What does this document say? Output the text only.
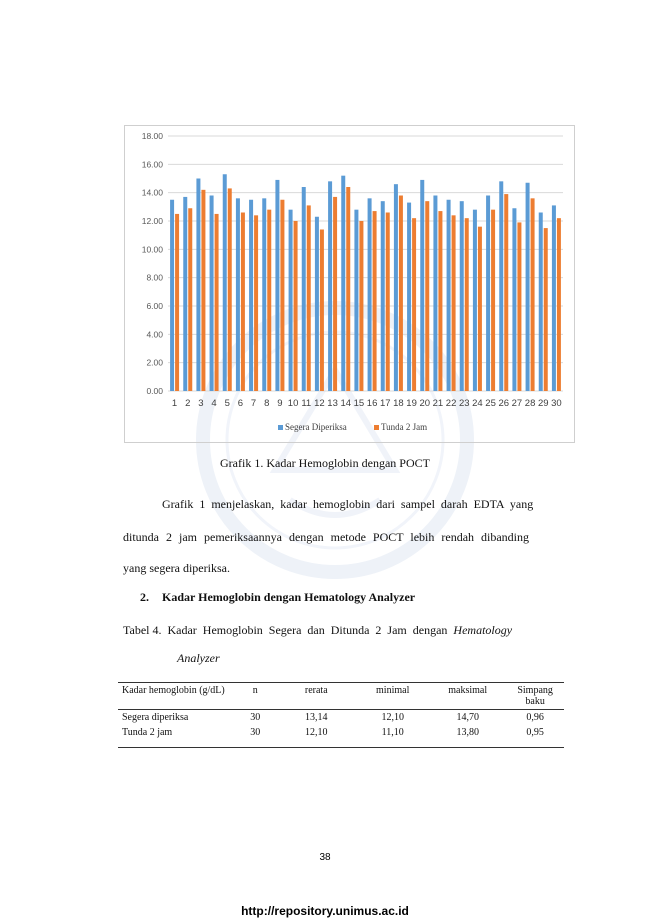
0.00
2.00
4.00
6.00
8.00
10.00
12.00
14.00
16.00
18.00
1 2 3 4 5 6 7 8 9 10 11 12 13 14 15 16 17 18 19 20 21 22 23 24 25 26 27 28 29 30
Segera Diperiksa	Tunda 2 Jam
Grafik 1. Kadar Hemoglobin dengan POCT
Grafik 1 menjelaskan, kadar hemoglobin dari sampel darah EDTA yang
ditunda 2 jam pemeriksaannya dengan metode POCT lebih rendah dibanding
yang segera diperiksa.
2. Kadar Hemoglobin dengan Hematology Analyzer
Tabel 4.  Kadar  Hemoglobin  Segera  dan  Ditunda  2  Jam  dengan  Hematology
Analyzer
Kadar hemoglobin (g/dL)	n	rerata	minimal	maksimal	Simpang baku
Segera diperiksa	30	13,14	12,10	14,70	0,96
Tunda 2 jam	30	12,10	11,10	13,80	0,95
38
http://repository.unimus.ac.id
